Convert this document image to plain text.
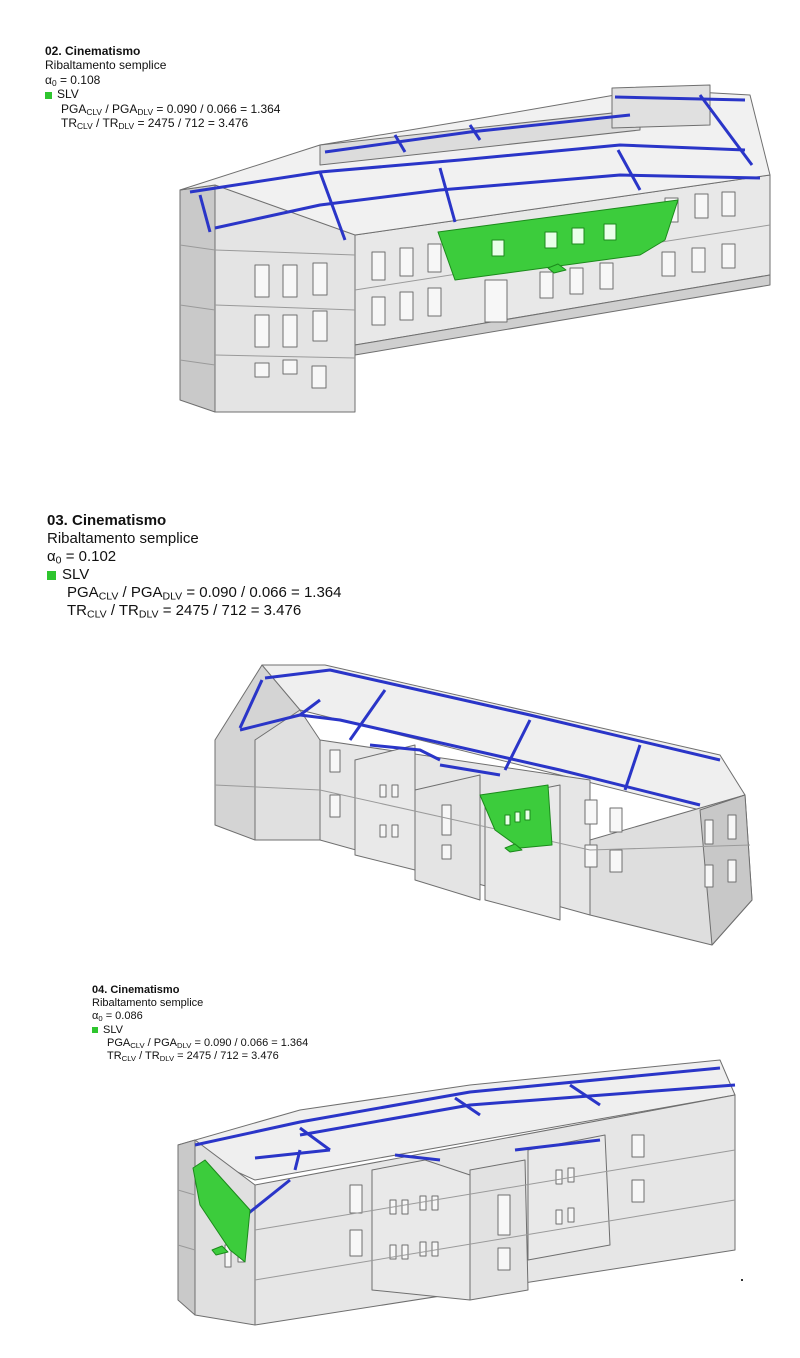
02. Cinematismo
Ribaltamento semplice
$\alpha_0 = 0.108$
SLV
$PGA_{CLV} / PGA_{DLV} = 0.090 / 0.066 = 1.364$
$TR_{CLV} / TR_{DLV} = 2475 / 712 = 3.476$
03. Cinematismo
Ribaltamento semplice
$\alpha_0 = 0.102$
SLV
$PGA_{CLV} / PGA_{DLV} = 0.090 / 0.066 = 1.364$
$TR_{CLV} / TR_{DLV} = 2475 / 712 = 3.476$
04. Cinematismo
Ribaltamento semplice
$\alpha_0 = 0.086$
SLV
$PGA_{CLV} / PGA_{DLV} = 0.090 / 0.066 = 1.364$
$TR_{CLV} / TR_{DLV} = 2475 / 712 = 3.476$
